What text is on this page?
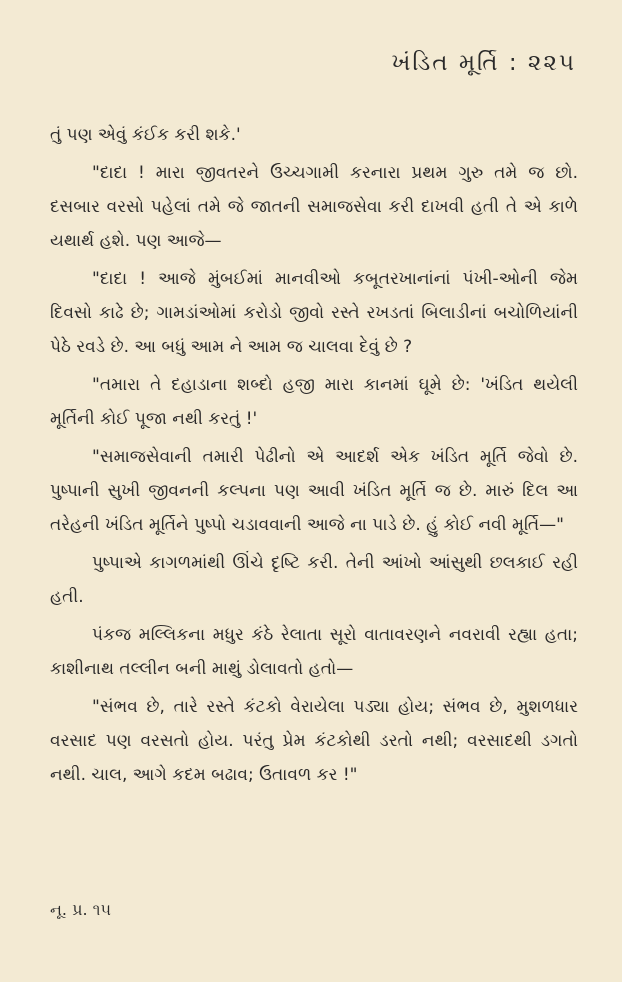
ખંડિત મૂર્તિ : ૨૨૫

તું પણ એવું કંઈક કરી શકે.'

"દાદા ! મારા જીવતરને ઉચ્ચગામી કરનારા પ્રથમ ગુરુ તમે જ છો. દસબાર વરસો પહેલાં તમે જે જાતની સમાજસેવા કરી દાખવી હતી તે એ કાળે યથાર્થ હશે. પણ આજે—

"દાદા ! આજે મુંબઈમાં માનવીઓ કબૂતરખાનાંનાં પંખી-ઓની જેમ દિવસો કાઢે છે; ગામડાંઓમાં કરોડો જીવો રસ્તે રખડતાં બિલાડીનાં બચોળિયાંની પેઠે રવડે છે. આ બધું આમ ને આમ જ ચાલવા દેવું છે ?

"તમારા તે દહાડાના શબ્દો હજી મારા કાનમાં ઘૂમે છે: 'ખંડિત થયેલી મૂર્તિની કોઈ પૂજા નથી કરતું !'

"સમાજસેવાની તમારી પેઢીનો એ આદર્શ એક ખંડિત મૂર્તિ જેવો છે. પુષ્પાની સુખી જીવનની કલ્પના પણ આવી ખંડિત મૂર્તિ જ છે. મારું દિલ આ તરેહની ખંડિત મૂર્તિને પુષ્પો ચડાવવાની આજે ના પાડે છે. હું કોઈ નવી મૂર્તિ—"

પુષ્પાએ કાગળમાંથી ઊંચે દૃષ્ટિ કરી. તેની આંખો આંસુથી છલકાઈ રહી હતી.

પંકજ મલ્લિકના મધુર કંઠે રેલાતા સૂરો વાતાવરણને નવરાવી રહ્યા હતા; કાશીનાથ તલ્લીન બની માથું ડોલાવતો હતો—

"સંભવ છે, તારે રસ્તે કંટકો વેરાયેલા પડ્યા હોય; સંભવ છે, મુશળધાર વરસાદ પણ વરસતો હોય. પરંતુ પ્રેમ કંટકોથી ડરતો નથી; વરસાદથી ડગતો નથી. ચાલ, આગે કદમ બઢાવ; ઉતાવળ કર !"

નૂ. પ્ર. ૧૫
